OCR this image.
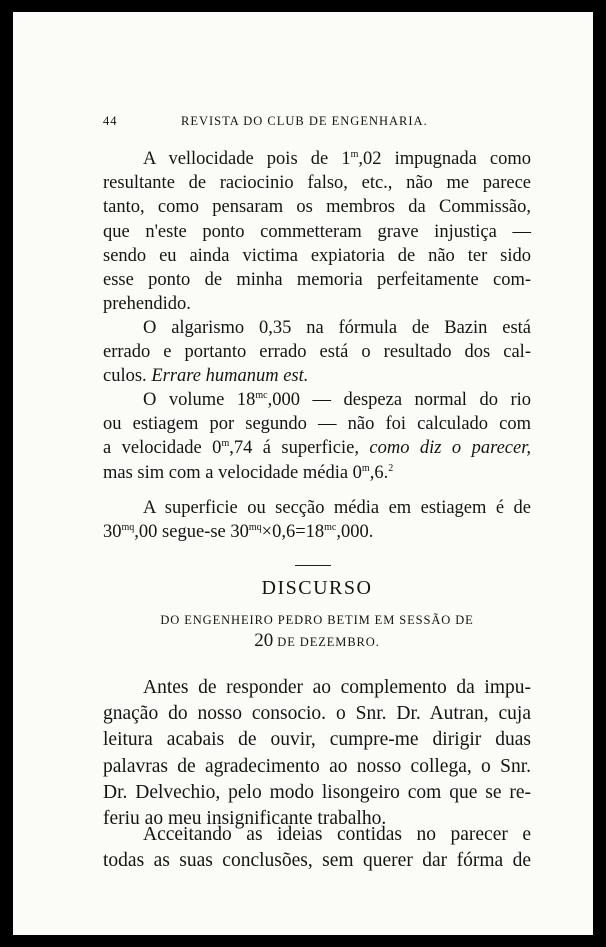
44	REVISTA DO CLUB DE ENGENHARIA.

A velloсidade pois de 1$^m$,02 impugnada como
resultante de raciocinio falso, etc., não me parece
tanto, como pensaram os membros da Commissão,
que n'este ponto commetteram grave injustiça —
sendo eu ainda victima expiatoria de não ter sido
esse ponto de minha memoria perfeitamente com-
prehendido.

O algarismo 0,35 na fórmula de Bazin está
errado e portanto errado está o resultado dos cal-
culos. Errare humanum est.

O volume $18^{mc},000$ — despeza normal do rio
ou estiagem por segundo — não foi calculado com
a velocidade 0$^m$,74 á superficie, como diz o parecer,
mas sim com a velocidade média 0$^m$,6.$^2$

A superficie ou secção média em estiagem é de
$30^{mq},00$ segue-se $30^{mq}\times 0,6=18^{mc},000$.

DISCURSO
DO ENGENHEIRO PEDRO BETIM EM SESSÃO DE
20 DE DEZEMBRO.

Antes de responder ao complemento da impu-
gnação do nosso consocio. o Snr. Dr. Autran, cuja
leitura acabais de ouvir, cumpre-me dirigir duas
palavras de agradecimento ao nosso collega, o Snr.
Dr. Delvechio, pelo modo lisongeiro com que se re-
feriu ao meu insignificante trabalho.

Acceitando as ideias contidas no parecer e
todas as suas conclusões, sem querer dar fórma de
